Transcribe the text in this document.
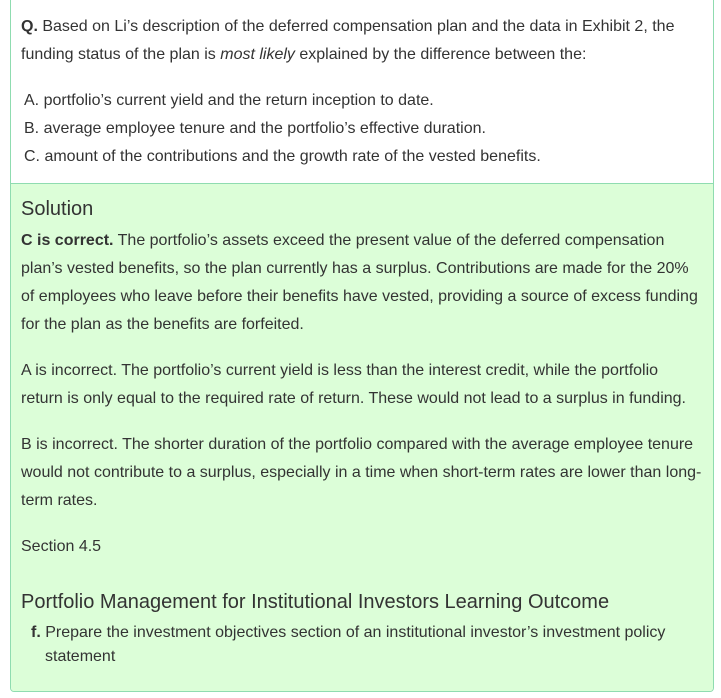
Q. Based on Li’s description of the deferred compensation plan and the data in Exhibit 2, the funding status of the plan is most likely explained by the difference between the:

A. portfolio’s current yield and the return inception to date.
B. average employee tenure and the portfolio’s effective duration.
C. amount of the contributions and the growth rate of the vested benefits.
Solution

C is correct. The portfolio’s assets exceed the present value of the deferred compensation plan’s vested benefits, so the plan currently has a surplus. Contributions are made for the 20% of employees who leave before their benefits have vested, providing a source of excess funding for the plan as the benefits are forfeited.

A is incorrect. The portfolio’s current yield is less than the interest credit, while the portfolio return is only equal to the required rate of return. These would not lead to a surplus in funding.

B is incorrect. The shorter duration of the portfolio compared with the average employee tenure would not contribute to a surplus, especially in a time when short-term rates are lower than long-term rates.

Section 4.5

Portfolio Management for Institutional Investors Learning Outcome
f. Prepare the investment objectives section of an institutional investor’s investment policy statement
